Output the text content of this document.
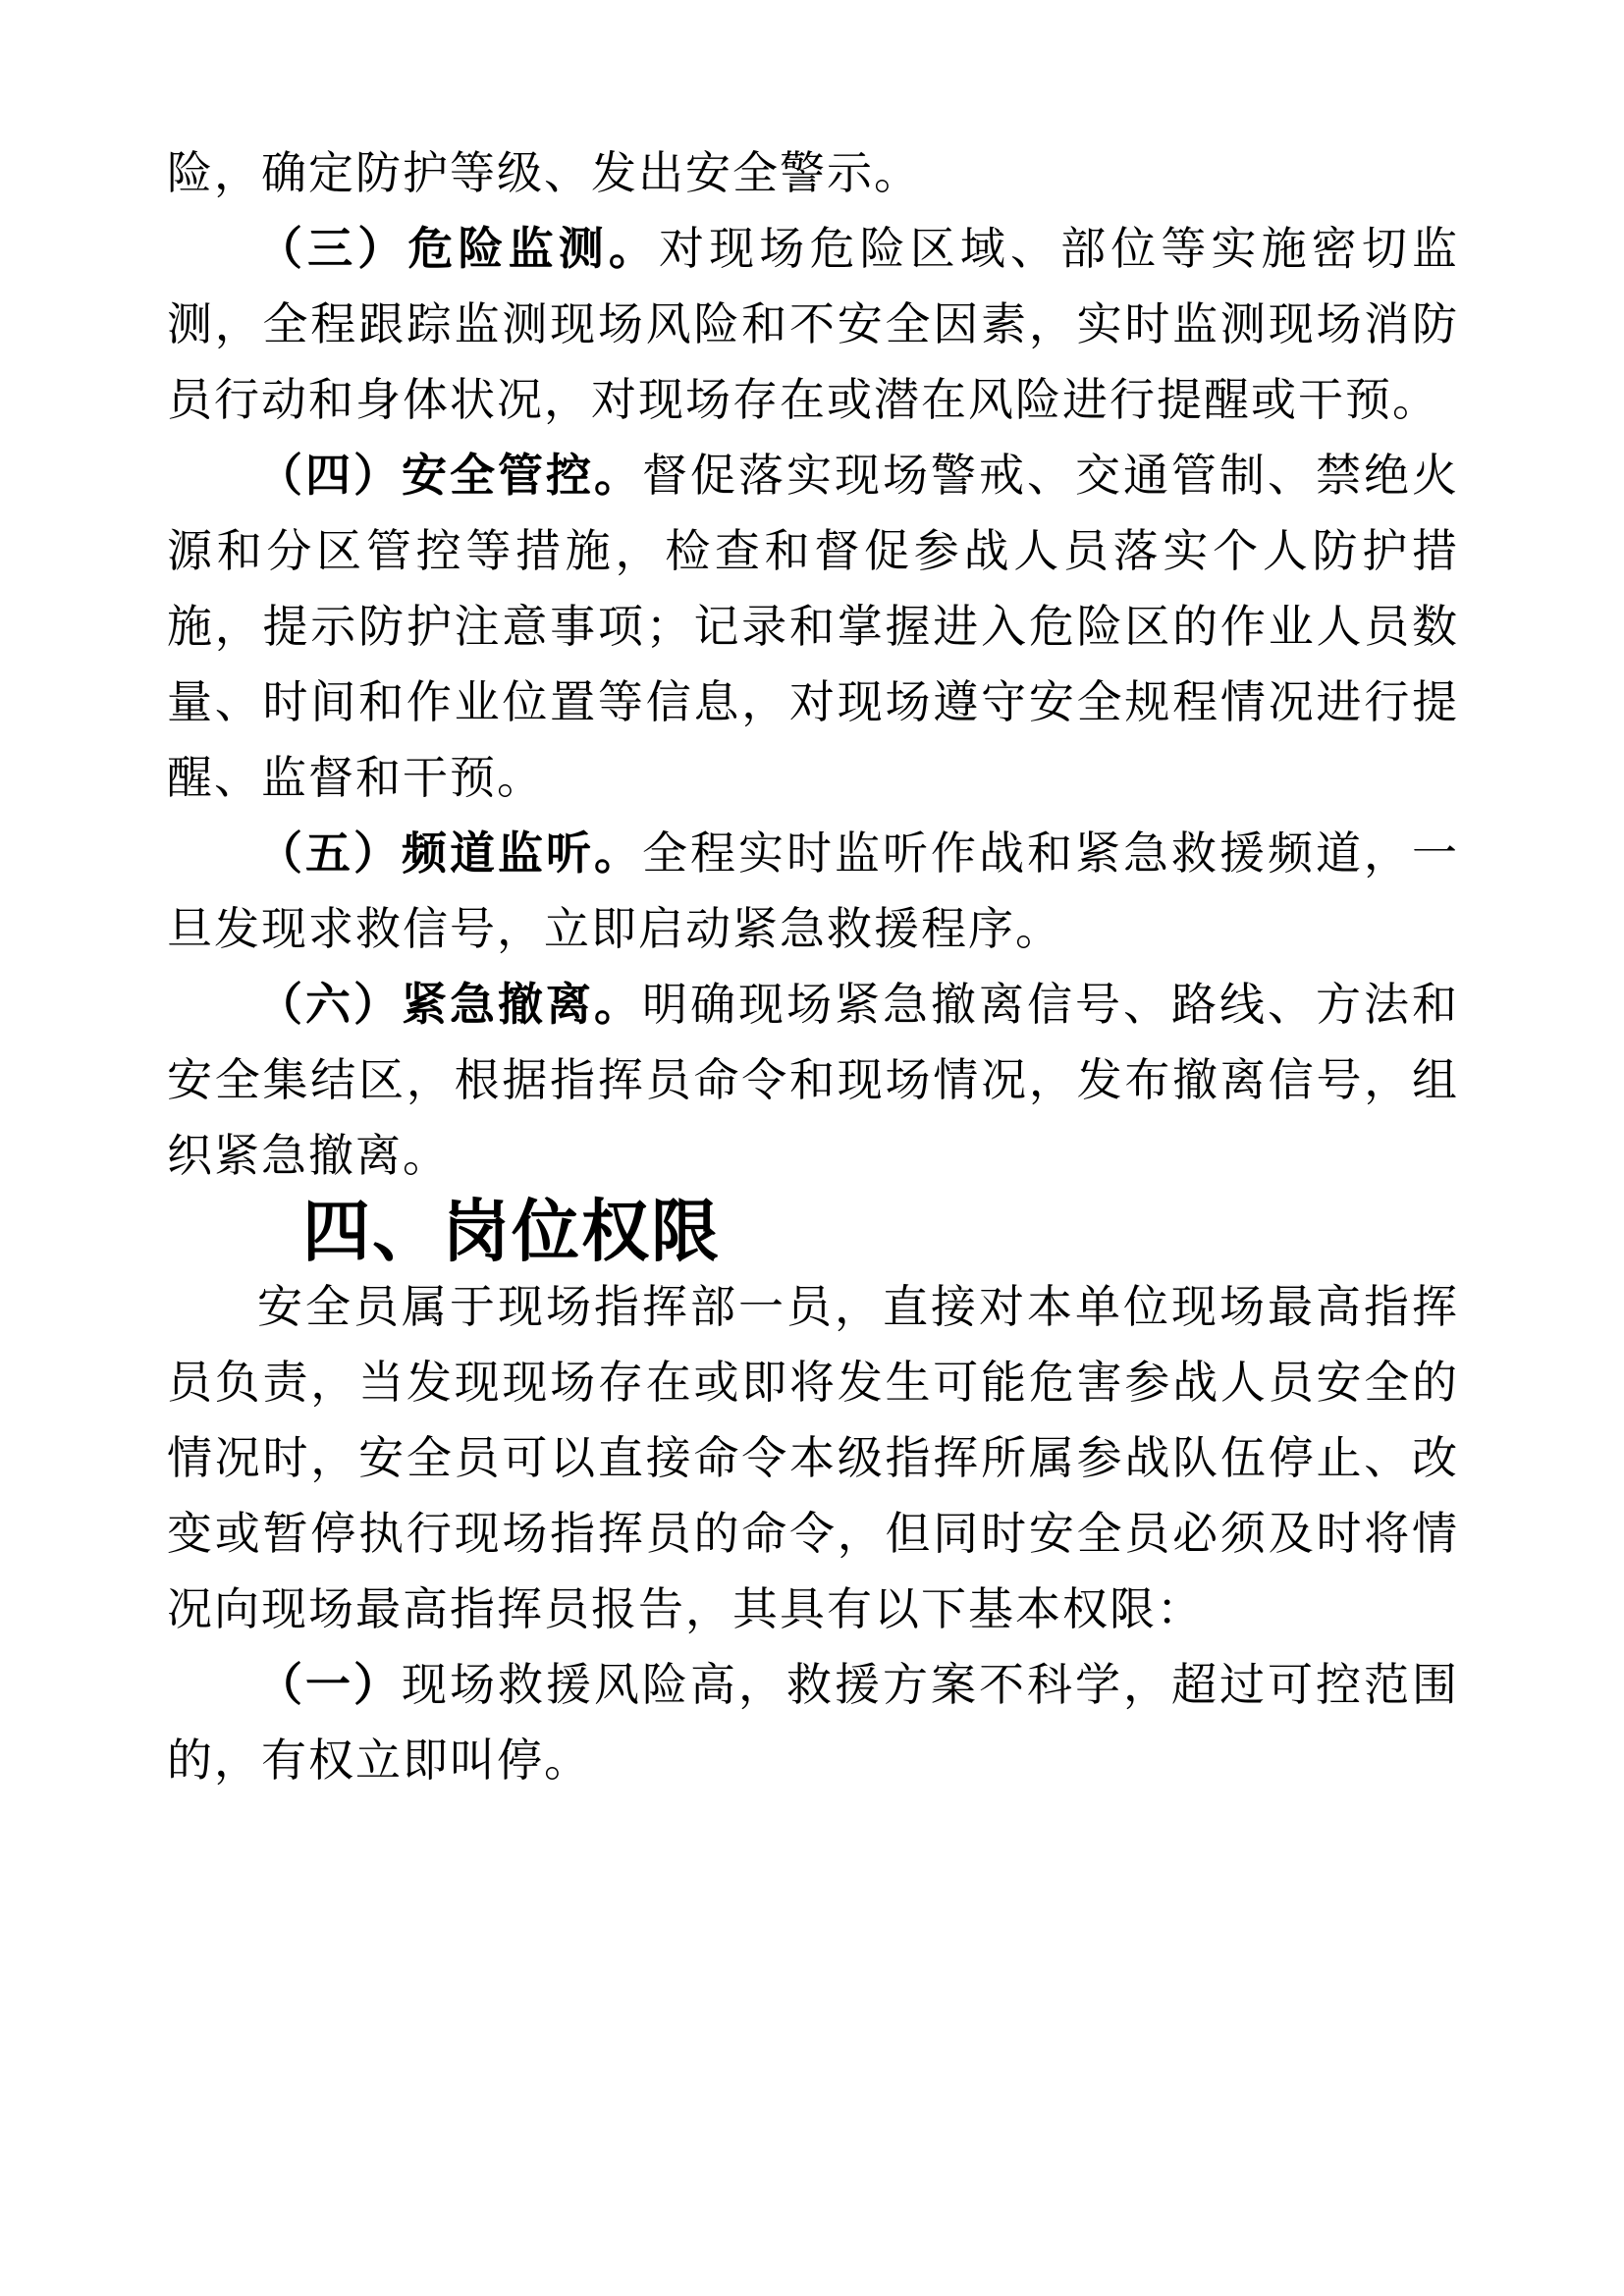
险，确定防护等级、发出安全警示。

（三）危险监测。对现场危险区域、部位等实施密切监测，全程跟踪监测现场风险和不安全因素，实时监测现场消防员行动和身体状况，对现场存在或潜在风险进行提醒或干预。

（四）安全管控。督促落实现场警戒、交通管制、禁绝火源和分区管控等措施，检查和督促参战人员落实个人防护措施，提示防护注意事项；记录和掌握进入危险区的作业人员数量、时间和作业位置等信息，对现场遵守安全规程情况进行提醒、监督和干预。

（五）频道监听。全程实时监听作战和紧急救援频道，一旦发现求救信号，立即启动紧急救援程序。

（六）紧急撤离。明确现场紧急撤离信号、路线、方法和安全集结区，根据指挥员命令和现场情况，发布撤离信号，组织紧急撤离。

四、岗位权限

安全员属于现场指挥部一员，直接对本单位现场最高指挥员负责，当发现现场存在或即将发生可能危害参战人员安全的情况时，安全员可以直接命令本级指挥所属参战队伍停止、改变或暂停执行现场指挥员的命令，但同时安全员必须及时将情况向现场最高指挥员报告，其具有以下基本权限：

（一）现场救援风险高，救援方案不科学，超过可控范围的，有权立即叫停。
